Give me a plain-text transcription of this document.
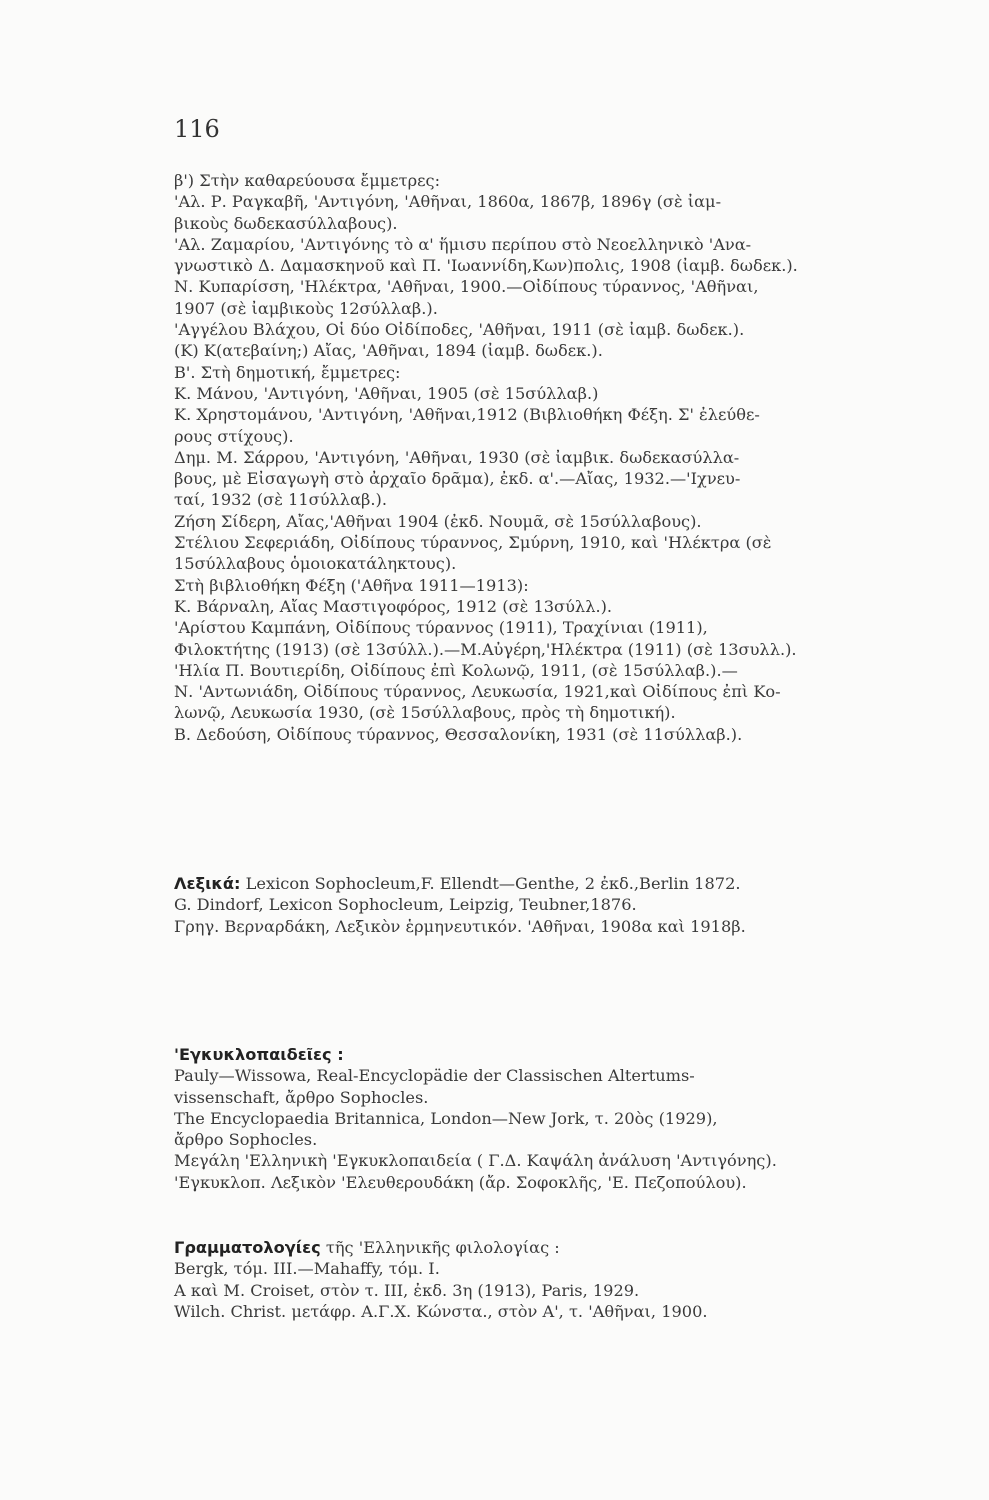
116

β') Στὴν καθαρεύουσα ἔμμετρες:

'Αλ. Ρ. Ραγκαβῆ, 'Αντιγόνη, 'Αθῆναι, 1860α, 1867β, 1896γ (σὲ ἰαμ-

βικοὺς δωδεκασύλλαβους).

'Αλ. Ζαμαρίου, 'Αντιγόνης τὸ α' ἥμισυ περίπου στὸ Νεοελληνικὸ 'Ανα-

γνωστικὸ Δ. Δαμασκηνοῦ καὶ Π. 'Ιωαννίδη,Κων)πολις, 1908 (ἰαμβ. δωδεκ.).

Ν. Κυπαρίσση, 'Ηλέκτρα, 'Αθῆναι, 1900.—Οἰδίπους τύραννος, 'Αθῆναι,

1907 (σὲ ἰαμβικοὺς 12σύλλαβ.).

'Αγγέλου Βλάχου, Οἱ δύο Οἰδίποδες, 'Αθῆναι, 1911 (σὲ ἰαμβ. δωδεκ.).

(Κ) Κ(ατεβαίνη;) Αἴας, 'Αθῆναι, 1894 (ἰαμβ. δωδεκ.).

Β'. Στὴ δημοτική, ἔμμετρες:

Κ. Μάνου, 'Αντιγόνη, 'Αθῆναι, 1905 (σὲ 15σύλλαβ.)

Κ. Χρηστομάνου, 'Αντιγόνη, 'Αθῆναι,1912 (Βιβλιοθήκη Φέξη. Σ' ἐλεύθε-

ρους στίχους).

Δημ. Μ. Σάρρου, 'Αντιγόνη, 'Αθῆναι, 1930 (σὲ ἰαμβικ. δωδεκασύλλα-

βους, μὲ Εἰσαγωγὴ στὸ ἀρχαῖο δρᾶμα), ἐκδ. α'.—Αἴας, 1932.—'Ιχνευ-

ταί, 1932 (σὲ 11σύλλαβ.).

Ζήση Σίδερη, Αἴας,'Αθῆναι 1904 (ἐκδ. Νουμᾶ, σὲ 15σύλλαβους).

Στέλιου Σεφεριάδη, Οἰδίπους τύραννος, Σμύρνη, 1910, καὶ 'Ηλέκτρα (σὲ

15σύλλαβους ὁμοιοκατάληκτους).

Στὴ βιβλιοθήκη Φέξη ('Αθῆνα 1911—1913):

Κ. Βάρναλη, Αἴας Μαστιγοφόρος, 1912 (σὲ 13σύλλ.).

'Αρίστου Καμπάνη, Οἰδίπους τύραννος (1911), Τραχίνιαι (1911),

Φιλοκτήτης (1913) (σὲ 13σύλλ.).—Μ.Αὐγέρη,'Ηλέκτρα (1911) (σὲ 13συλλ.).

'Ηλία Π. Βουτιερίδη, Οἰδίπους ἐπὶ Κολωνῷ, 1911, (σὲ 15σύλλαβ.).—

Ν. 'Αντωνιάδη, Οἰδίπους τύραννος, Λευκωσία, 1921,καὶ Οἰδίπους ἐπὶ Κο-

λωνῷ, Λευκωσία 1930, (σὲ 15σύλλαβους, πρὸς τὴ δημοτική).

Β. Δεδούση, Οἰδίπους τύραννος, Θεσσαλονίκη, 1931 (σὲ 11σύλλαβ.).

Λεξικά: Lexicon Sophocleum,F. Ellendt—Genthe, 2 ἐκδ.,Berlin 1872.

G. Dindorf, Lexicon Sophocleum, Leipzig, Teubner,1876.

Γρηγ. Βερναρδάκη, Λεξικὸν ἑρμηνευτικόν. 'Αθῆναι, 1908α καὶ 1918β.

'Εγκυκλοπαιδεῖες :

Pauly—Wissowa, Real-Encyclopädie der Classischen Altertums-

vissenschaft, ἄρθρο Sophocles.

The Encyclopaedia Britannica, London—New Jork, τ. 20ὸς (1929),

ἄρθρο Sophocles.

Μεγάλη 'Ελληνικὴ 'Εγκυκλοπαιδεία ( Γ.Δ. Καψάλη ἀνάλυση 'Αντιγόνης).

'Εγκυκλοπ. Λεξικὸν 'Ελευθερουδάκη (ἄρ. Σοφοκλῆς, 'Ε. Πεζοπούλου).

Γραμματολογίες τῆς 'Ελληνικῆς φιλολογίας :

Bergk, τόμ. III.—Mahaffy, τόμ. I.

A καὶ M. Croiset, στὸν τ. III, ἐκδ. 3η (1913), Paris, 1929.

Wilch. Christ. μετάφρ. Α.Γ.Χ. Κώνστα., στὸν Α', τ. 'Αθῆναι, 1900.
